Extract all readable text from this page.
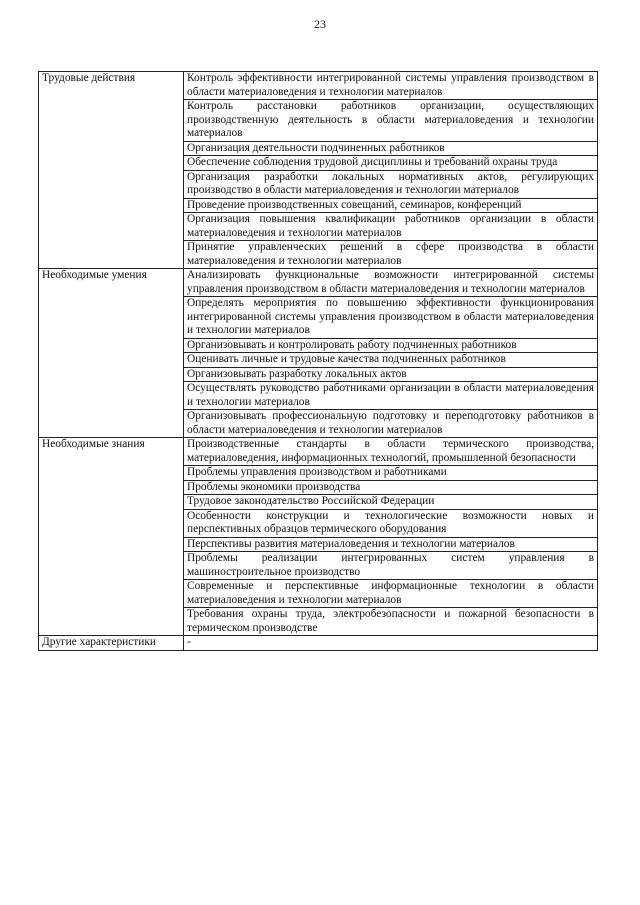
23
Трудовые действия	Контроль эффективности интегрированной системы управления производством в области материаловедения и технологии материалов
	Контроль расстановки работников организации, осуществляющих производственную деятельность в области материаловедения и технологии материалов
	Организация деятельности подчиненных работников
	Обеспечение соблюдения трудовой дисциплины и требований охраны труда
	Организация разработки локальных нормативных актов, регулирующих производство в области материаловедения и технологии материалов
	Проведение производственных совещаний, семинаров, конференций
	Организация повышения квалификации работников организации в области материаловедения и технологии материалов
	Принятие управленческих решений в сфере производства в области материаловедения и технологии материалов
Необходимые умения	Анализировать функциональные возможности интегрированной системы управления производством в области материаловедения и технологии материалов
	Определять мероприятия по повышению эффективности функционирования интегрированной системы управления производством в области материаловедения и технологии материалов
	Организовывать и контролировать работу подчиненных работников
	Оценивать личные и трудовые качества подчиненных работников
	Организовывать разработку локальных актов
	Осуществлять руководство работниками организации в области материаловедения и технологии материалов
	Организовывать профессиональную подготовку и переподготовку работников в области материаловедения и технологии материалов
Необходимые знания	Производственные стандарты в области термического производства, материаловедения, информационных технологий, промышленной безопасности
	Проблемы управления производством и работниками
	Проблемы экономики производства
	Трудовое законодательство Российской Федерации
	Особенности конструкции и технологические возможности новых и перспективных образцов термического оборудования
	Перспективы развития материаловедения и технологии материалов
	Проблемы реализации интегрированных систем управления в машиностроительное производство
	Современные и перспективные информационные технологии в области материаловедения и технологии материалов
	Требования охраны труда, электробезопасности и пожарной безопасности в термическом производстве
Другие характеристики	-
